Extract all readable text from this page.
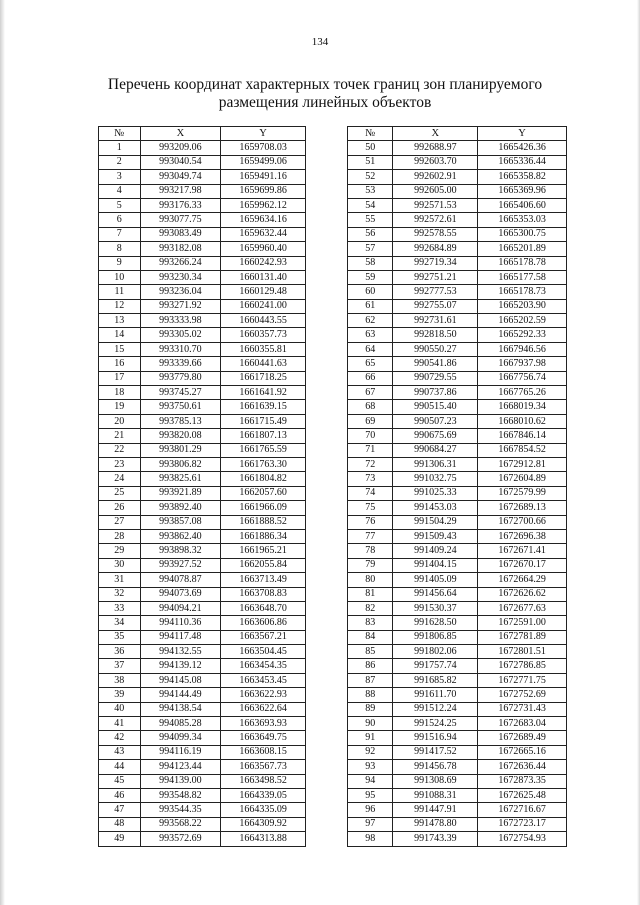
134
Перечень координат характерных точек границ зон планируемого
размещения линейных объектов
№	X	Y
1	993209.06	1659708.03
2	993040.54	1659499.06
3	993049.74	1659491.16
4	993217.98	1659699.86
5	993176.33	1659962.12
6	993077.75	1659634.16
7	993083.49	1659632.44
8	993182.08	1659960.40
9	993266.24	1660242.93
10	993230.34	1660131.40
11	993236.04	1660129.48
12	993271.92	1660241.00
13	993333.98	1660443.55
14	993305.02	1660357.73
15	993310.70	1660355.81
16	993339.66	1660441.63
17	993779.80	1661718.25
18	993745.27	1661641.92
19	993750.61	1661639.15
20	993785.13	1661715.49
21	993820.08	1661807.13
22	993801.29	1661765.59
23	993806.82	1661763.30
24	993825.61	1661804.82
25	993921.89	1662057.60
26	993892.40	1661966.09
27	993857.08	1661888.52
28	993862.40	1661886.34
29	993898.32	1661965.21
30	993927.52	1662055.84
31	994078.87	1663713.49
32	994073.69	1663708.83
33	994094.21	1663648.70
34	994110.36	1663606.86
35	994117.48	1663567.21
36	994132.55	1663504.45
37	994139.12	1663454.35
38	994145.08	1663453.45
39	994144.49	1663622.93
40	994138.54	1663622.64
41	994085.28	1663693.93
42	994099.34	1663649.75
43	994116.19	1663608.15
44	994123.44	1663567.73
45	994139.00	1663498.52
46	993548.82	1664339.05
47	993544.35	1664335.09
48	993568.22	1664309.92
49	993572.69	1664313.88
№	X	Y
50	992688.97	1665426.36
51	992603.70	1665336.44
52	992602.91	1665358.82
53	992605.00	1665369.96
54	992571.53	1665406.60
55	992572.61	1665353.03
56	992578.55	1665300.75
57	992684.89	1665201.89
58	992719.34	1665178.78
59	992751.21	1665177.58
60	992777.53	1665178.73
61	992755.07	1665203.90
62	992731.61	1665202.59
63	992818.50	1665292.33
64	990550.27	1667946.56
65	990541.86	1667937.98
66	990729.55	1667756.74
67	990737.86	1667765.26
68	990515.40	1668019.34
69	990507.23	1668010.62
70	990675.69	1667846.14
71	990684.27	1667854.52
72	991306.31	1672912.81
73	991032.75	1672604.89
74	991025.33	1672579.99
75	991453.03	1672689.13
76	991504.29	1672700.66
77	991509.43	1672696.38
78	991409.24	1672671.41
79	991404.15	1672670.17
80	991405.09	1672664.29
81	991456.64	1672626.62
82	991530.37	1672677.63
83	991628.50	1672591.00
84	991806.85	1672781.89
85	991802.06	1672801.51
86	991757.74	1672786.85
87	991685.82	1672771.75
88	991611.70	1672752.69
89	991512.24	1672731.43
90	991524.25	1672683.04
91	991516.94	1672689.49
92	991417.52	1672665.16
93	991456.78	1672636.44
94	991308.69	1672873.35
95	991088.31	1672625.48
96	991447.91	1672716.67
97	991478.80	1672723.17
98	991743.39	1672754.93
